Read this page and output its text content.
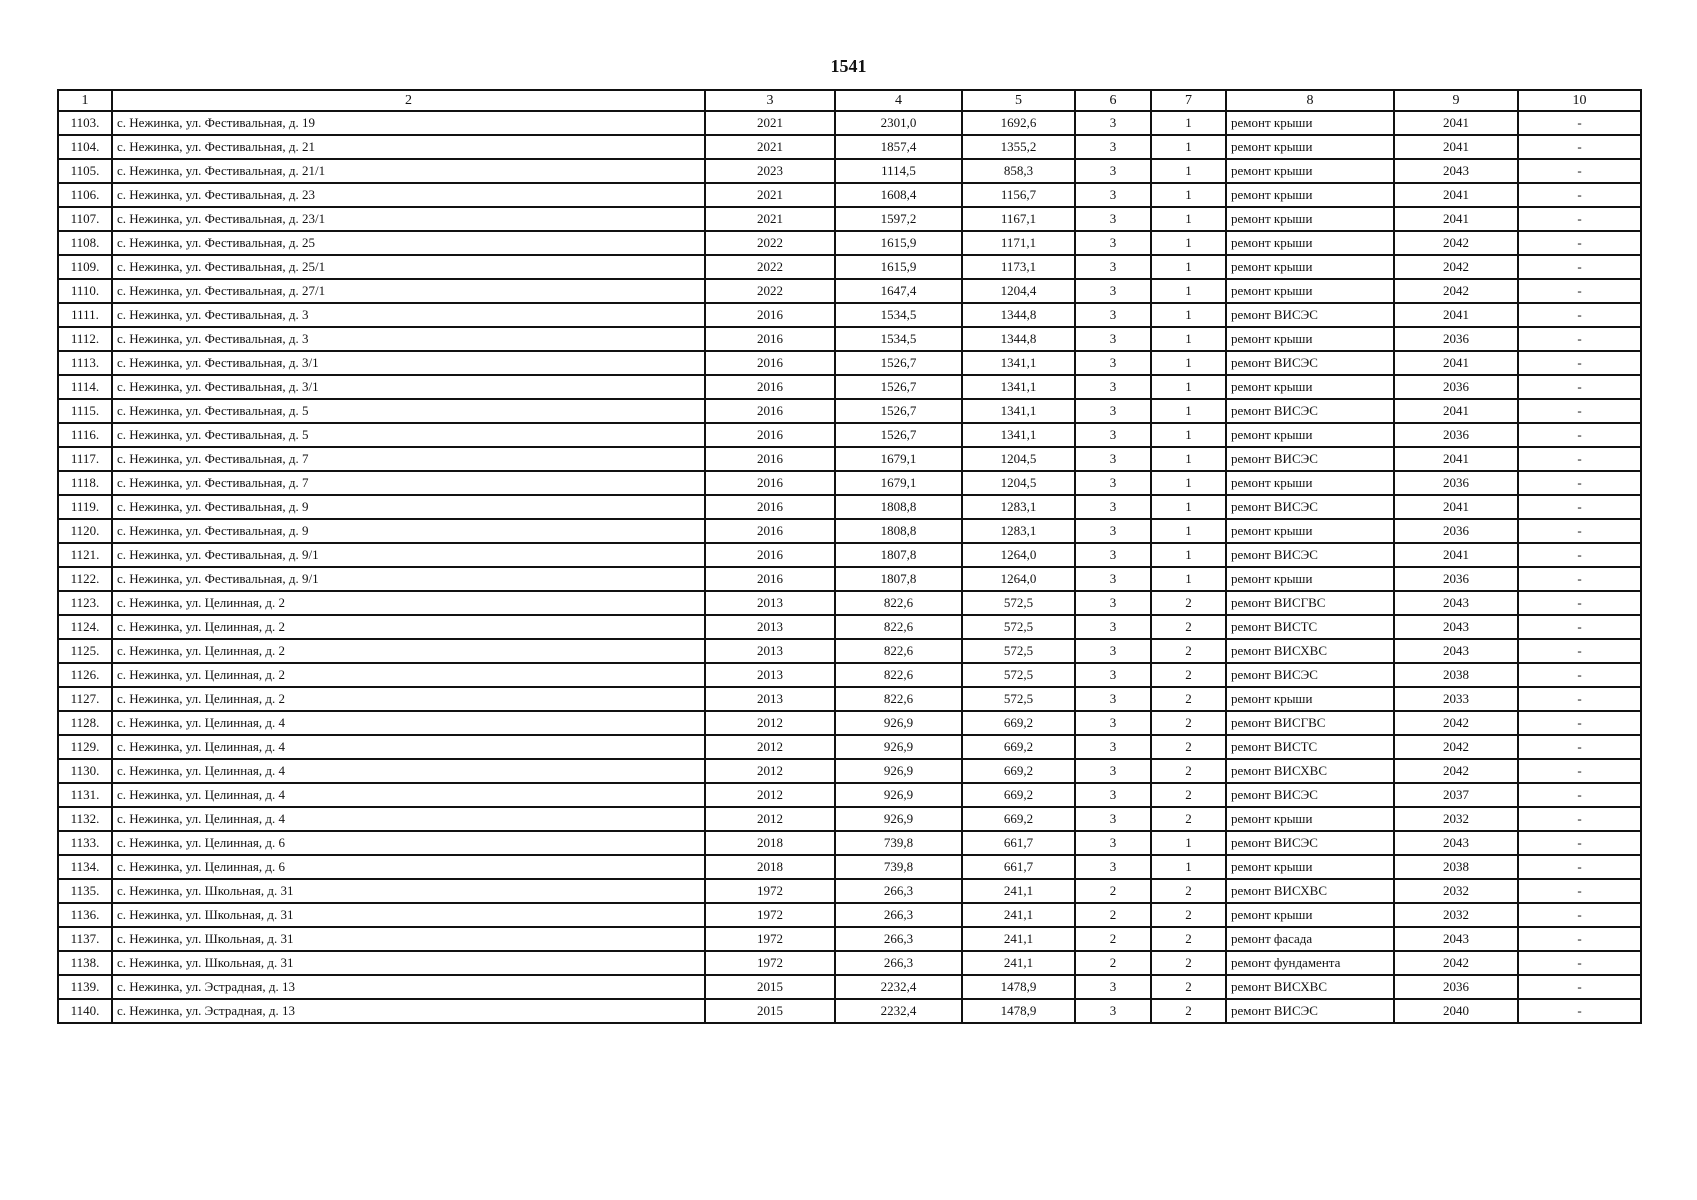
1541
1	2	3	4	5	6	7	8	9	10
1103.	с. Нежинка, ул. Фестивальная, д. 19	2021	2301,0	1692,6	3	1	ремонт крыши	2041	-
1104.	с. Нежинка, ул. Фестивальная, д. 21	2021	1857,4	1355,2	3	1	ремонт крыши	2041	-
1105.	с. Нежинка, ул. Фестивальная, д. 21/1	2023	1114,5	858,3	3	1	ремонт крыши	2043	-
1106.	с. Нежинка, ул. Фестивальная, д. 23	2021	1608,4	1156,7	3	1	ремонт крыши	2041	-
1107.	с. Нежинка, ул. Фестивальная, д. 23/1	2021	1597,2	1167,1	3	1	ремонт крыши	2041	-
1108.	с. Нежинка, ул. Фестивальная, д. 25	2022	1615,9	1171,1	3	1	ремонт крыши	2042	-
1109.	с. Нежинка, ул. Фестивальная, д. 25/1	2022	1615,9	1173,1	3	1	ремонт крыши	2042	-
1110.	с. Нежинка, ул. Фестивальная, д. 27/1	2022	1647,4	1204,4	3	1	ремонт крыши	2042	-
1111.	с. Нежинка, ул. Фестивальная, д. 3	2016	1534,5	1344,8	3	1	ремонт ВИСЭС	2041	-
1112.	с. Нежинка, ул. Фестивальная, д. 3	2016	1534,5	1344,8	3	1	ремонт крыши	2036	-
1113.	с. Нежинка, ул. Фестивальная, д. 3/1	2016	1526,7	1341,1	3	1	ремонт ВИСЭС	2041	-
1114.	с. Нежинка, ул. Фестивальная, д. 3/1	2016	1526,7	1341,1	3	1	ремонт крыши	2036	-
1115.	с. Нежинка, ул. Фестивальная, д. 5	2016	1526,7	1341,1	3	1	ремонт ВИСЭС	2041	-
1116.	с. Нежинка, ул. Фестивальная, д. 5	2016	1526,7	1341,1	3	1	ремонт крыши	2036	-
1117.	с. Нежинка, ул. Фестивальная, д. 7	2016	1679,1	1204,5	3	1	ремонт ВИСЭС	2041	-
1118.	с. Нежинка, ул. Фестивальная, д. 7	2016	1679,1	1204,5	3	1	ремонт крыши	2036	-
1119.	с. Нежинка, ул. Фестивальная, д. 9	2016	1808,8	1283,1	3	1	ремонт ВИСЭС	2041	-
1120.	с. Нежинка, ул. Фестивальная, д. 9	2016	1808,8	1283,1	3	1	ремонт крыши	2036	-
1121.	с. Нежинка, ул. Фестивальная, д. 9/1	2016	1807,8	1264,0	3	1	ремонт ВИСЭС	2041	-
1122.	с. Нежинка, ул. Фестивальная, д. 9/1	2016	1807,8	1264,0	3	1	ремонт крыши	2036	-
1123.	с. Нежинка, ул. Целинная, д. 2	2013	822,6	572,5	3	2	ремонт ВИСГВС	2043	-
1124.	с. Нежинка, ул. Целинная, д. 2	2013	822,6	572,5	3	2	ремонт ВИСТС	2043	-
1125.	с. Нежинка, ул. Целинная, д. 2	2013	822,6	572,5	3	2	ремонт ВИСХВС	2043	-
1126.	с. Нежинка, ул. Целинная, д. 2	2013	822,6	572,5	3	2	ремонт ВИСЭС	2038	-
1127.	с. Нежинка, ул. Целинная, д. 2	2013	822,6	572,5	3	2	ремонт крыши	2033	-
1128.	с. Нежинка, ул. Целинная, д. 4	2012	926,9	669,2	3	2	ремонт ВИСГВС	2042	-
1129.	с. Нежинка, ул. Целинная, д. 4	2012	926,9	669,2	3	2	ремонт ВИСТС	2042	-
1130.	с. Нежинка, ул. Целинная, д. 4	2012	926,9	669,2	3	2	ремонт ВИСХВС	2042	-
1131.	с. Нежинка, ул. Целинная, д. 4	2012	926,9	669,2	3	2	ремонт ВИСЭС	2037	-
1132.	с. Нежинка, ул. Целинная, д. 4	2012	926,9	669,2	3	2	ремонт крыши	2032	-
1133.	с. Нежинка, ул. Целинная, д. 6	2018	739,8	661,7	3	1	ремонт ВИСЭС	2043	-
1134.	с. Нежинка, ул. Целинная, д. 6	2018	739,8	661,7	3	1	ремонт крыши	2038	-
1135.	с. Нежинка, ул. Школьная, д. 31	1972	266,3	241,1	2	2	ремонт ВИСХВС	2032	-
1136.	с. Нежинка, ул. Школьная, д. 31	1972	266,3	241,1	2	2	ремонт крыши	2032	-
1137.	с. Нежинка, ул. Школьная, д. 31	1972	266,3	241,1	2	2	ремонт фасада	2043	-
1138.	с. Нежинка, ул. Школьная, д. 31	1972	266,3	241,1	2	2	ремонт фундамента	2042	-
1139.	с. Нежинка, ул. Эстрадная, д. 13	2015	2232,4	1478,9	3	2	ремонт ВИСХВС	2036	-
1140.	с. Нежинка, ул. Эстрадная, д. 13	2015	2232,4	1478,9	3	2	ремонт ВИСЭС	2040	-
